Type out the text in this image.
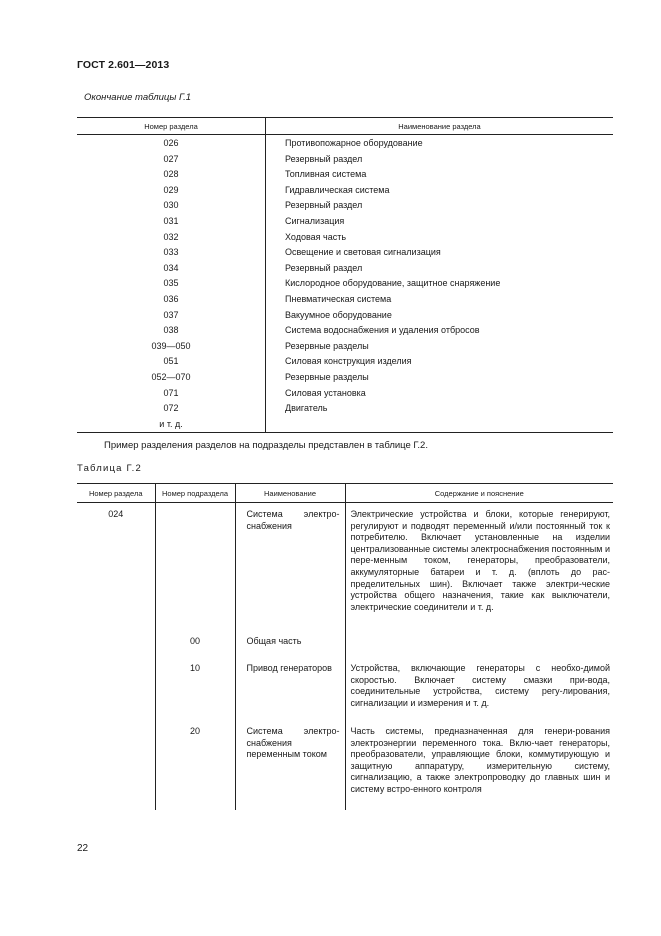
ГОСТ 2.601—2013
Окончание таблицы Г.1
Номер раздела	Наименование раздела
026	Противопожарное оборудование
027	Резервный раздел
028	Топливная система
029	Гидравлическая система
030	Резервный раздел
031	Сигнализация
032	Ходовая часть
033	Освещение и световая сигнализация
034	Резервный раздел
035	Кислородное оборудование, защитное снаряжение
036	Пневматическая система
037	Вакуумное оборудование
038	Система водоснабжения и удаления отбросов
039—050	Резервные разделы
051	Силовая конструкция изделия
052—070	Резервные разделы
071	Силовая установка
072	Двигатель
и т. д.	
Пример разделения разделов на подразделы представлен в таблице Г.2.
Таблица Г.2
Номер раздела	Номер подраздела	Наименование	Содержание и пояснение
024		Система электро-снабжения	Электрические устройства и блоки, которые генерируют, регулируют и подводят переменный и/или постоянный ток к потребителю. Включает установленные на изделии централизованные системы электроснабжения постоянным и пере-менным током, генераторы, преобразователи, аккумуляторные батареи и т. д. (вплоть до рас-пределительных шин). Включает также электри-ческие устройства общего назначения, такие как выключатели, электрические соединители и т. д.
	00	Общая часть	
	10	Привод генераторов	Устройства, включающие генераторы с необхо-димой скоростью. Включает систему смазки при-вода, соединительные устройства, систему регу-лирования, сигнализации и измерения и т. д.
	20	Система электро-снабжения переменным током	Часть системы, предназначенная для генери-рования электроэнергии переменного тока. Вклю-чает генераторы, преобразователи, управляющие блоки, коммутирующую и защитную аппаратуру, измерительную систему, сигнализацию, а также электропроводку до главных шин и систему встро-енного контроля
22
